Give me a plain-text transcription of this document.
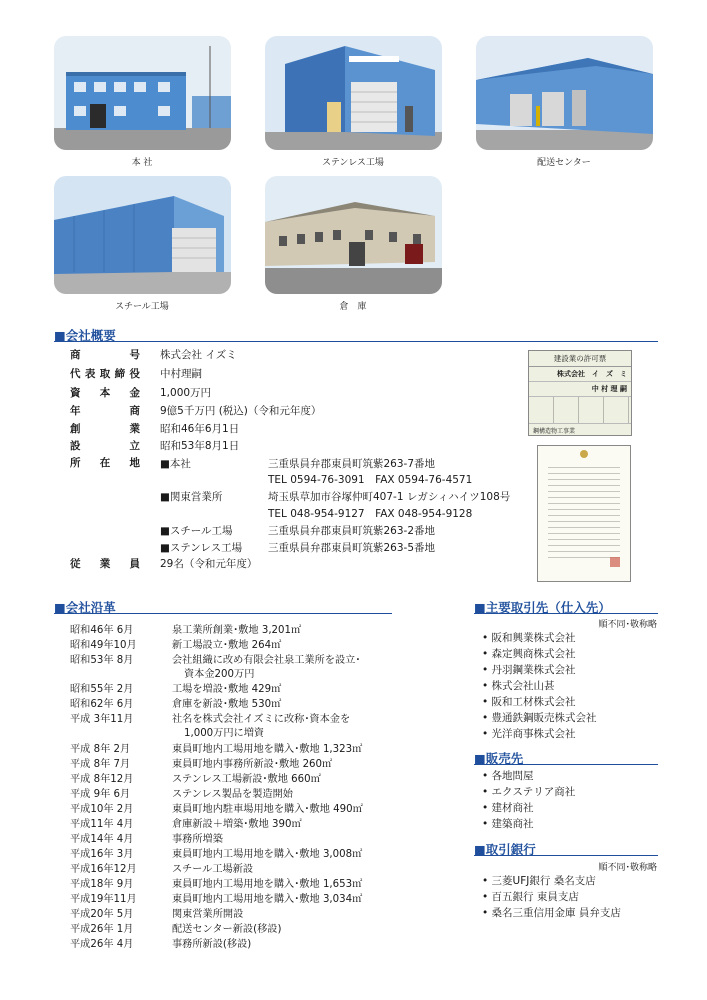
本 社	ステンレス工場	配送センター
スチール工場	倉　庫
■会社概要
商号 株式会社 イズミ
代表取締役 中村理嗣
資本金 1,000万円
年商 9億5千万円 (税込)（令和元年度）
創業 昭和46年6月1日
設立 昭和53年8月1日
所在地 ■本社	三重県員弁郡東員町筑紫263-7番地
TEL 0594-76-3091　FAX 0594-76-4571
■関東営業所	埼玉県草加市谷塚仲町407-1 レガシィハイツ108号
TEL 048-954-9127　FAX 048-954-9128
■スチール工場	三重県員弁郡東員町筑紫263-2番地
■ステンレス工場 三重県員弁郡東員町筑紫263-5番地
従業員 29名（令和元年度）
建設業の許可票
株式会社　イ　ズ　ミ
中 村 理 嗣
鋼構造物工事業
■会社沿革
昭和46年 6月	泉工業所創業･敷地 3,201㎡
昭和49年10月	新工場設立･敷地 264㎡
昭和53年 8月	会社組織に改め有限会社泉工業所を設立･
資本金200万円
昭和55年 2月	工場を増設･敷地 429㎡
昭和62年 6月	倉庫を新設･敷地 530㎡
平成 3年11月	社名を株式会社イズミに改称･資本金を
1,000万円に増資
平成 8年 2月	東員町地内工場用地を購入･敷地 1,323㎡
平成 8年 7月	東員町地内事務所新設･敷地 260㎡
平成 8年12月	ステンレス工場新設･敷地 660㎡
平成 9年 6月	ステンレス製品を製造開始
平成10年 2月	東員町地内駐車場用地を購入･敷地 490㎡
平成11年 4月	倉庫新設＋増築･敷地 390㎡
平成14年 4月	事務所増築
平成16年 3月	東員町地内工場用地を購入･敷地 3,008㎡
平成16年12月	スチール工場新設
平成18年 9月	東員町地内工場用地を購入･敷地 1,653㎡
平成19年11月	東員町地内工場用地を購入･敷地 3,034㎡
平成20年 5月	関東営業所開設
平成26年 1月	配送センター新設(移設)
平成26年 4月	事務所新設(移設)
■主要取引先（仕入先）
順不同･敬称略
• 阪和興業株式会社
• 森定興商株式会社
• 丹羽鋼業株式会社
• 株式会社山甚
• 阪和工材株式会社
• 豊通鉄鋼販売株式会社
• 光洋商事株式会社
■販売先
• 各地問屋
• エクステリア商社
• 建材商社
• 建築商社
■取引銀行
順不同･敬称略
• 三菱UFJ銀行 桑名支店
• 百五銀行 東員支店
• 桑名三重信用金庫 員弁支店
